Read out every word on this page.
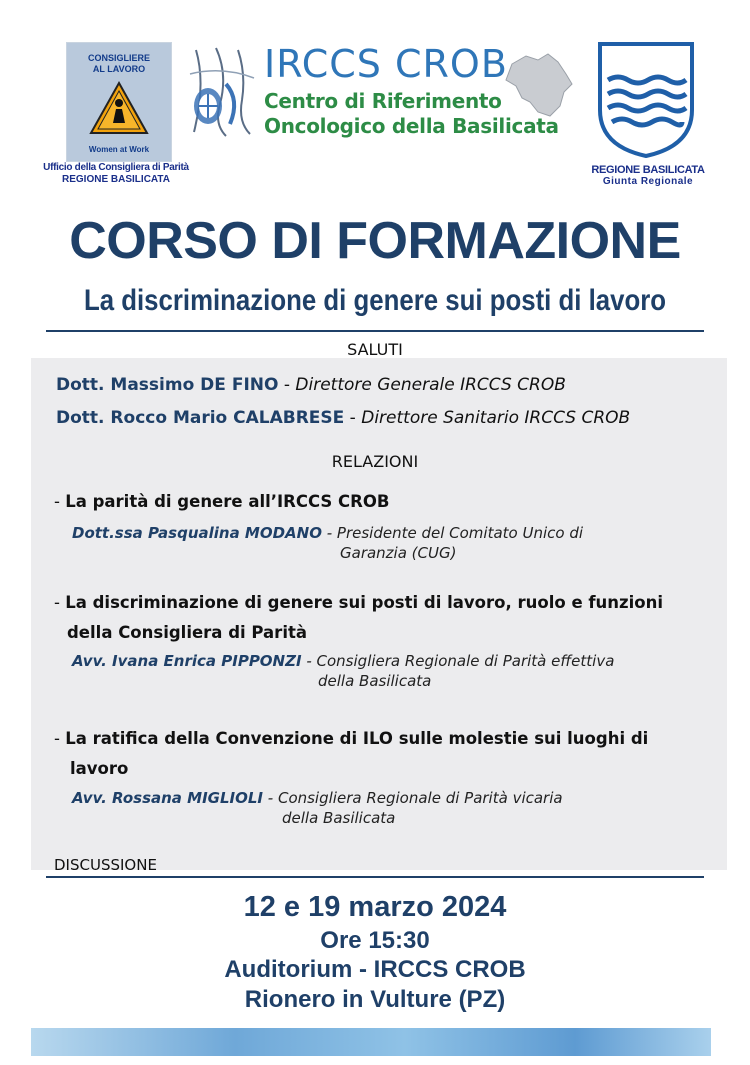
CONSIGLIERE
AL LAVORO
Women at Work
Ufficio della Consigliera di Parità
REGIONE BASILICATA
IRCCS CROB
Centro di Riferimento
Oncologico della Basilicata
REGIONE BASILICATA
Giunta Regionale
CORSO DI FORMAZIONE
La discriminazione di genere sui posti di lavoro
SALUTI
Dott. Massimo DE FINO - Direttore Generale IRCCS CROB
Dott. Rocco Mario CALABRESE - Direttore Sanitario IRCCS CROB
RELAZIONI
- La parità di genere all’IRCCS CROB
Dott.ssa Pasqualina MODANO - Presidente del Comitato Unico di
Garanzia (CUG)
- La discriminazione di genere sui posti di lavoro, ruolo e funzioni
della Consigliera di Parità
Avv. Ivana Enrica PIPPONZI - Consigliera Regionale di Parità effettiva
della Basilicata
- La ratifica della Convenzione di ILO sulle molestie sui luoghi di
lavoro
Avv. Rossana MIGLIOLI - Consigliera Regionale di Parità vicaria
della Basilicata
DISCUSSIONE
12 e 19 marzo 2024
Ore 15:30
Auditorium - IRCCS CROB
Rionero in Vulture (PZ)
